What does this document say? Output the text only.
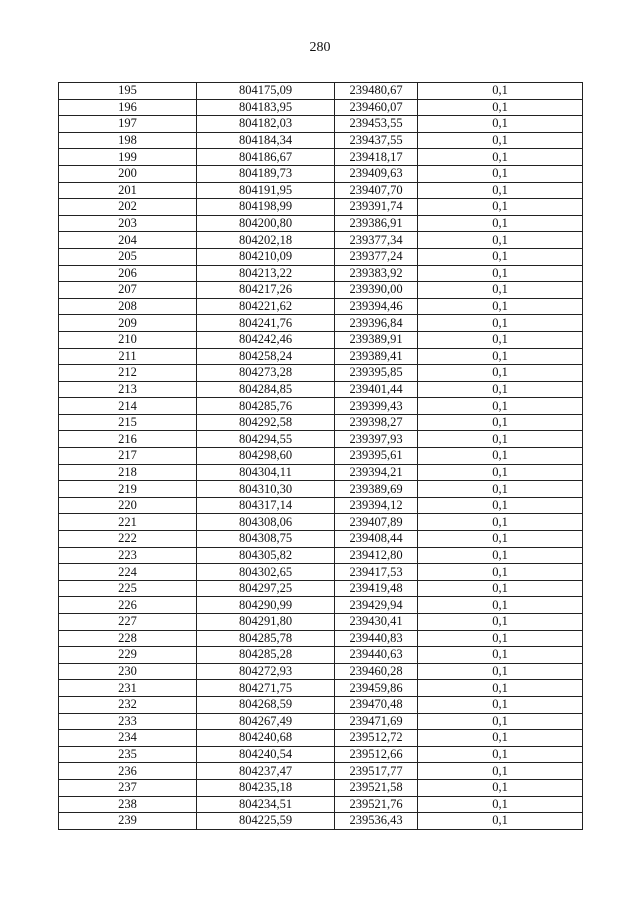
280
195	804175,09	239480,67	0,1
196	804183,95	239460,07	0,1
197	804182,03	239453,55	0,1
198	804184,34	239437,55	0,1
199	804186,67	239418,17	0,1
200	804189,73	239409,63	0,1
201	804191,95	239407,70	0,1
202	804198,99	239391,74	0,1
203	804200,80	239386,91	0,1
204	804202,18	239377,34	0,1
205	804210,09	239377,24	0,1
206	804213,22	239383,92	0,1
207	804217,26	239390,00	0,1
208	804221,62	239394,46	0,1
209	804241,76	239396,84	0,1
210	804242,46	239389,91	0,1
211	804258,24	239389,41	0,1
212	804273,28	239395,85	0,1
213	804284,85	239401,44	0,1
214	804285,76	239399,43	0,1
215	804292,58	239398,27	0,1
216	804294,55	239397,93	0,1
217	804298,60	239395,61	0,1
218	804304,11	239394,21	0,1
219	804310,30	239389,69	0,1
220	804317,14	239394,12	0,1
221	804308,06	239407,89	0,1
222	804308,75	239408,44	0,1
223	804305,82	239412,80	0,1
224	804302,65	239417,53	0,1
225	804297,25	239419,48	0,1
226	804290,99	239429,94	0,1
227	804291,80	239430,41	0,1
228	804285,78	239440,83	0,1
229	804285,28	239440,63	0,1
230	804272,93	239460,28	0,1
231	804271,75	239459,86	0,1
232	804268,59	239470,48	0,1
233	804267,49	239471,69	0,1
234	804240,68	239512,72	0,1
235	804240,54	239512,66	0,1
236	804237,47	239517,77	0,1
237	804235,18	239521,58	0,1
238	804234,51	239521,76	0,1
239	804225,59	239536,43	0,1
